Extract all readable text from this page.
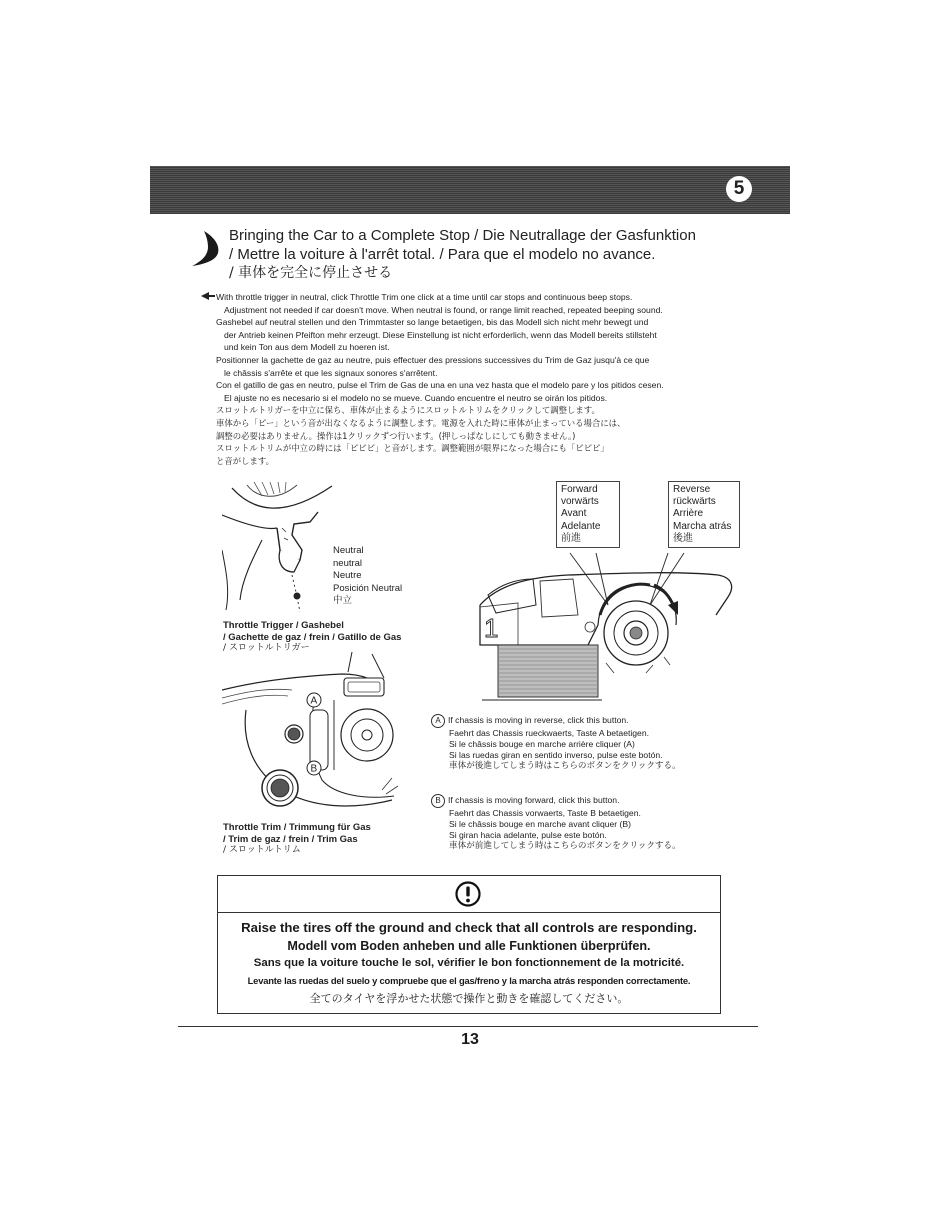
5
Bringing the Car to a Complete Stop / Die Neutrallage der Gasfunktion
/ Mettre la voiture à l'arrêt total. / Para que el modelo no avance.
/ 車体を完全に停止させる

With throttle trigger in neutral, click Throttle Trim one click at a time until car stops and continuous beep stops.

Adjustment not needed if car doesn't move. When neutral is found, or range limit reached, repeated beeping sound.

Gashebel auf neutral stellen und den Trimmtaster so lange betaetigen, bis das Modell sich nicht mehr bewegt und

der Antrieb keinen Pfeifton mehr erzeugt. Diese Einstellung ist nicht erforderlich, wenn das Modell bereits stillsteht

und kein Ton aus dem Modell zu hoeren ist.

Positionner la gachette de gaz au neutre, puis effectuer des pressions successives du Trim de Gaz jusqu'à ce que

le châssis s'arrête et que les signaux sonores s'arrêtent.

Con el gatillo de gas en neutro, pulse el Trim de Gas de una en una vez hasta que el modelo pare y los pitidos cesen.

El ajuste no es necesario si el modelo no se mueve. Cuando encuentre el neutro se oirán los pitidos.

スロットルトリガーを中立に保ち、車体が止まるようにスロットルトリムをクリックして調整します。

車体から「ピー」という音が出なくなるように調整します。電源を入れた時に車体が止まっている場合には、

調整の必要はありません。操作は1クリックずつ行います。(押しっぱなしにしても動きません。)

スロットルトリムが中立の時には「ピピピ」と音がします。調整範囲が限界になった場合にも「ピピピ」

と音がします。

Neutral
neutral
Neutre
Posición Neutral
中立
Throttle Trigger / Gashebel
/ Gachette de gaz / frein / Gatillo de Gas
/ スロットルトリガー
Forward
vorwärts
Avant
Adelante
前進
Reverse
rückwärts
Arrière
Marcha atrás
後進
1
A
B
Throttle Trim / Trimmung für Gas
/ Trim de gaz / frein / Trim Gas
/ スロットルトリム

A If chassis is moving in reverse, click this button.

Faehrt das Chassis rueckwaerts, Taste A betaetigen.

Si le châssis bouge en marche arrière cliquer (A)

Si las ruedas giran en sentido inverso, pulse este botón.

車体が後進してしまう時はこちらのボタンをクリックする。

B If chassis is moving forward, click this button.

Faehrt das Chassis vorwaerts, Taste B betaetigen.

Si le châssis bouge en marche avant cliquer (B)

Si giran hacia adelante, pulse este botón.

車体が前進してしまう時はこちらのボタンをクリックする。

Raise the tires off the ground and check that all controls are responding.
Modell vom Boden anheben und alle Funktionen überprüfen.
Sans que la voiture touche le sol, vérifier le bon fonctionnement de la motricité.
Levante las ruedas del suelo y compruebe que el gas/freno y la marcha atrás responden correctamente.
全てのタイヤを浮かせた状態で操作と動きを確認してください。
13
